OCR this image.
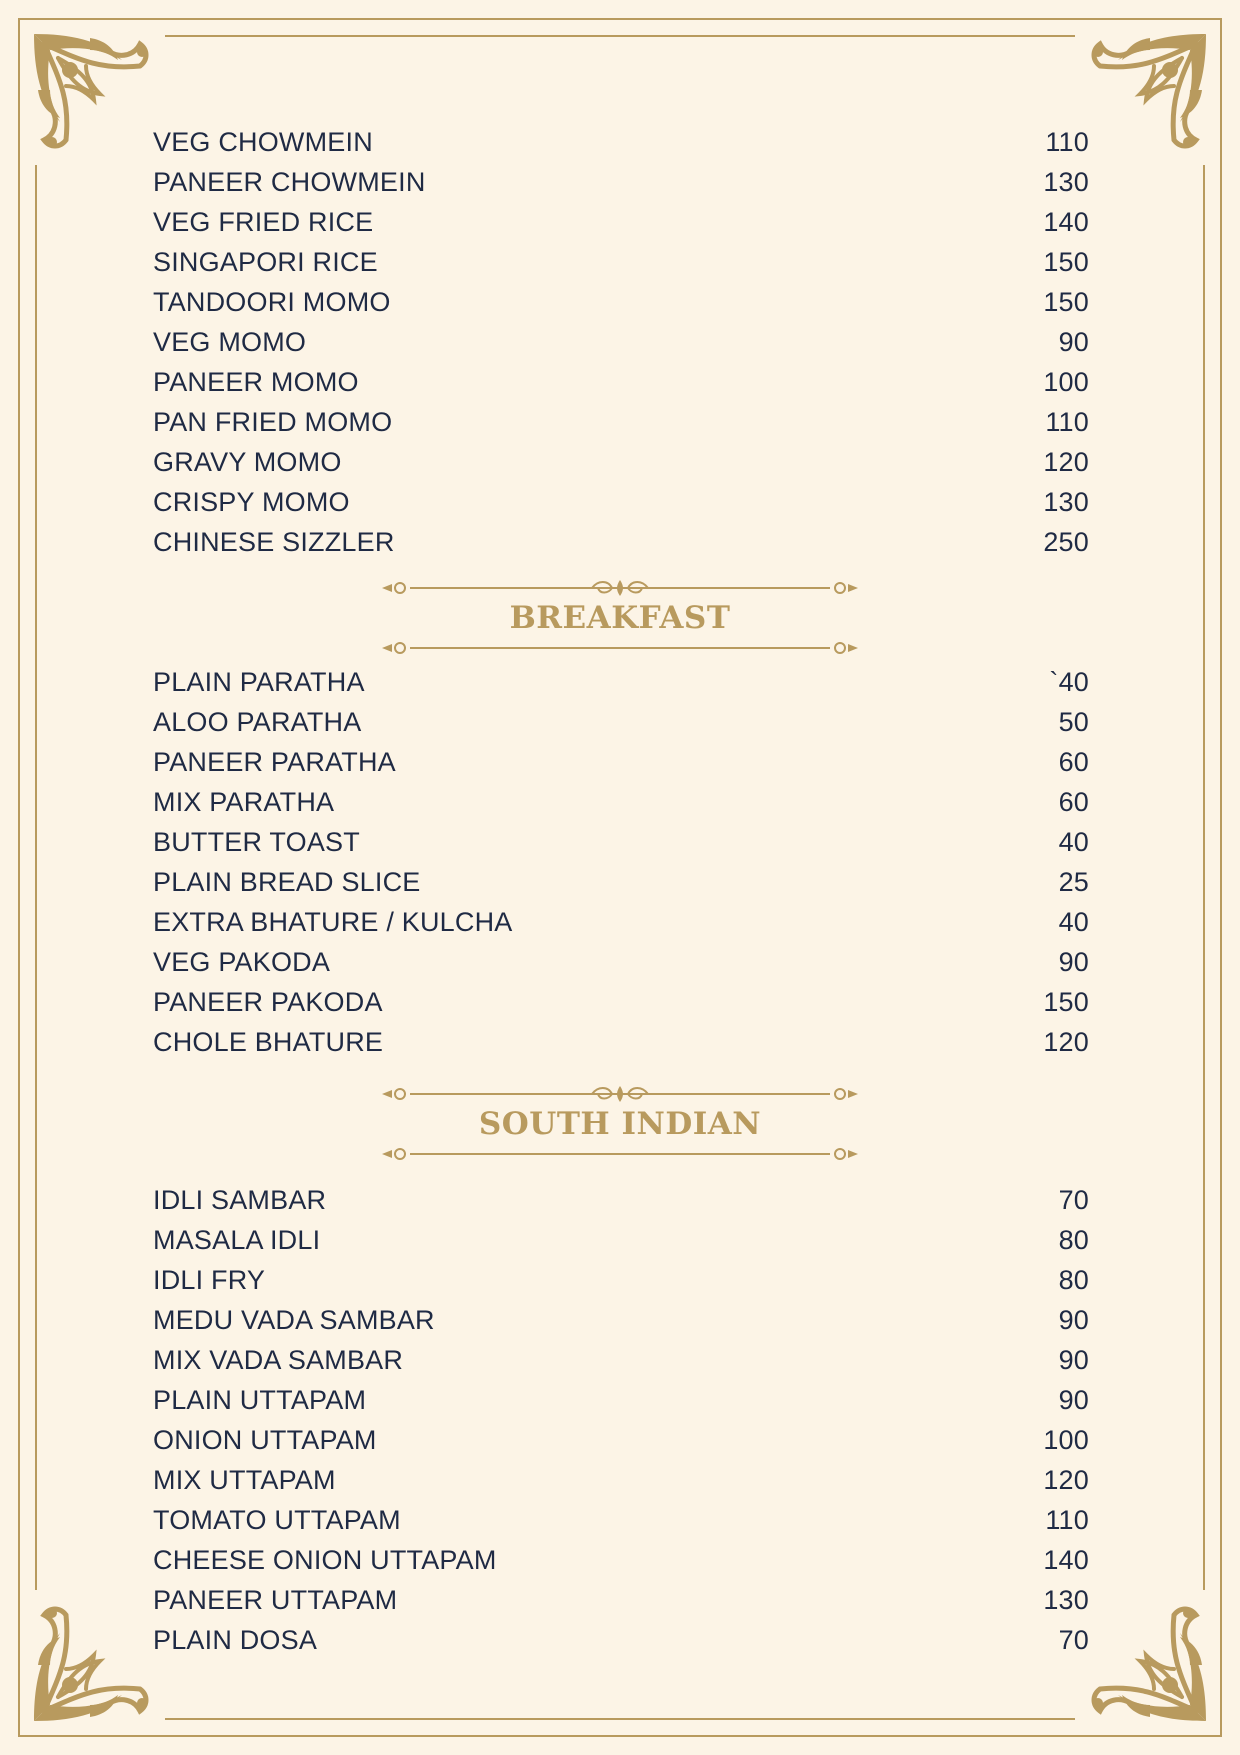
VEG CHOWMEIN	110
PANEER CHOWMEIN	130
VEG FRIED RICE	140
SINGAPORI RICE	150
TANDOORI MOMO	150
VEG MOMO	90
PANEER MOMO	100
PAN FRIED MOMO	110
GRAVY MOMO	120
CRISPY MOMO	130
CHINESE SIZZLER	250
BREAKFAST
PLAIN PARATHA	`40
ALOO PARATHA	50
PANEER PARATHA	60
MIX PARATHA	60
BUTTER TOAST	40
PLAIN BREAD SLICE	25
EXTRA BHATURE / KULCHA	40
VEG PAKODA	90
PANEER PAKODA	150
CHOLE BHATURE	120
SOUTH INDIAN
IDLI SAMBAR	70
MASALA IDLI	80
IDLI FRY	80
MEDU VADA SAMBAR	90
MIX VADA SAMBAR	90
PLAIN UTTAPAM	90
ONION UTTAPAM	100
MIX UTTAPAM	120
TOMATO UTTAPAM	110
CHEESE ONION UTTAPAM	140
PANEER UTTAPAM	130
PLAIN DOSA	70
